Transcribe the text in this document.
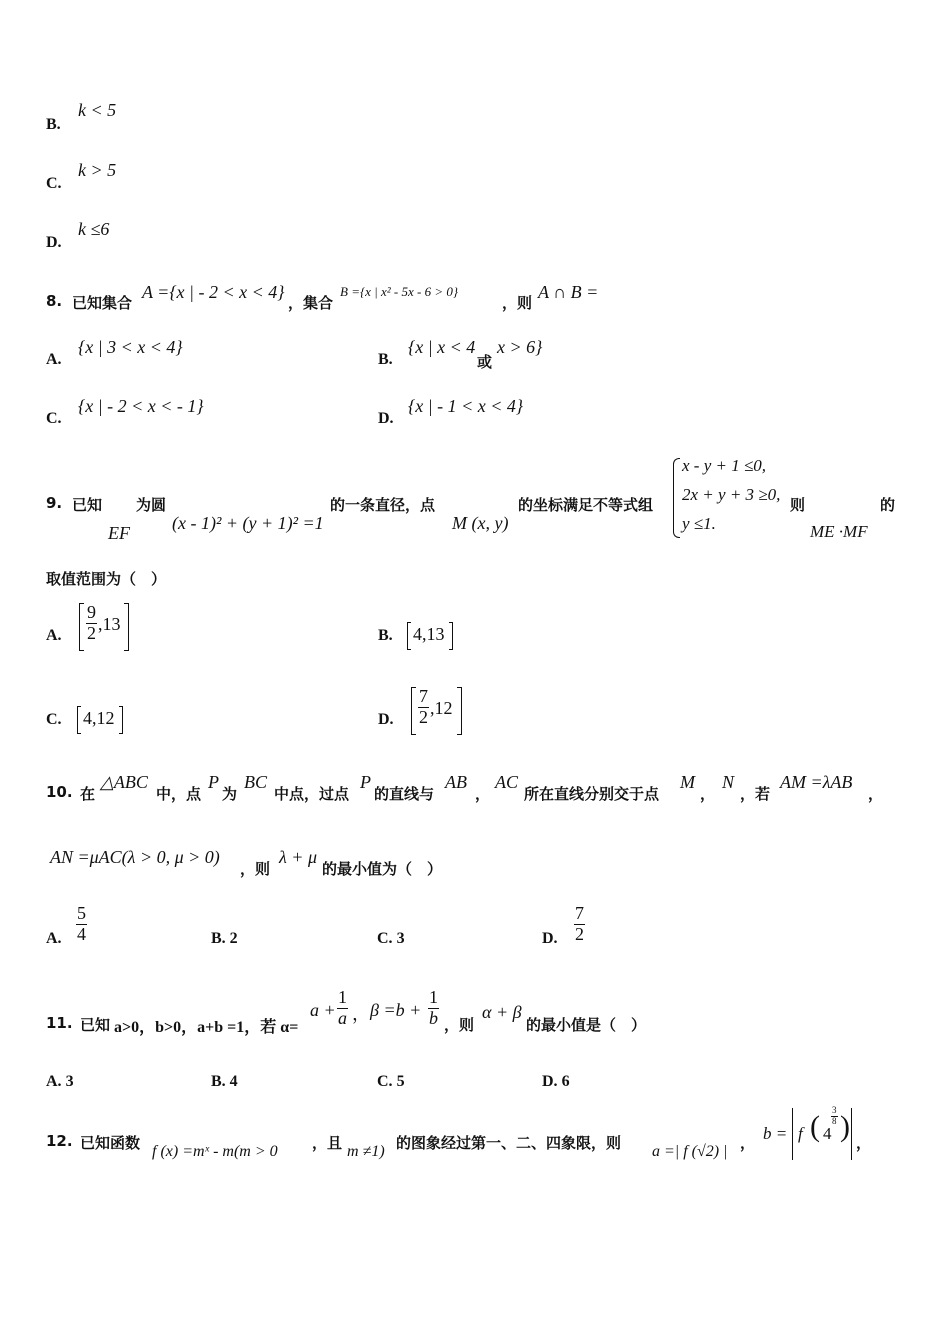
B.
k < 5
C.
k > 5
D.
k ≤6
8. 已知集合
A ={x | - 2 < x < 4}
，集合
B ={x | x² - 5x - 6 > 0}
，则
A ∩ B =
A.
{x | 3 < x < 4}
B.
{x | x < 4
或
x > 6}
C.
{x | - 2 < x < - 1}
D.
{x | - 1 < x < 4}
9. 已知
EF
为圆
(x - 1)² + (y + 1)² =1
的一条直径，点
M (x, y)
的坐标满足不等式组
x - y + 1 ≤0,
2x + y + 3 ≥0,
y ≤1.
则
ME ·MF
的
取值范围为（　）
A. $\frac{9}{2} ,13$
B. 4,13
C. 4,12	D. $\frac{7}{2} ,12$
10. 在
△ABC
中，点
P
为
BC
中点，过点
P
的直线与
AB
，
AC
所在直线分别交于点
M
，
N
，若
AM =λAB
，
AN =μAC(λ > 0, μ > 0)
，则
λ + μ
的最小值为（　）
A. $\frac{5}{4}$	B. 2	C. 3	D. $\frac{7}{2}$
11. 已知 a>0，b>0，a+b =1，若 α=
$a + \frac{1}{a}$ ， $\beta =b + \frac{1}{b}$ ，则
α + β
的最小值是（　）
A. 3	B. 4	C. 5	D. 6
12. 已知函数 f (x) =mˣ - m(m > 0 ，且 m ≠1) 的图象经过第一、二、四象限，则 a =| f (√2) | ， b = f ( 4
$\frac{3}{8}$ ) ，
